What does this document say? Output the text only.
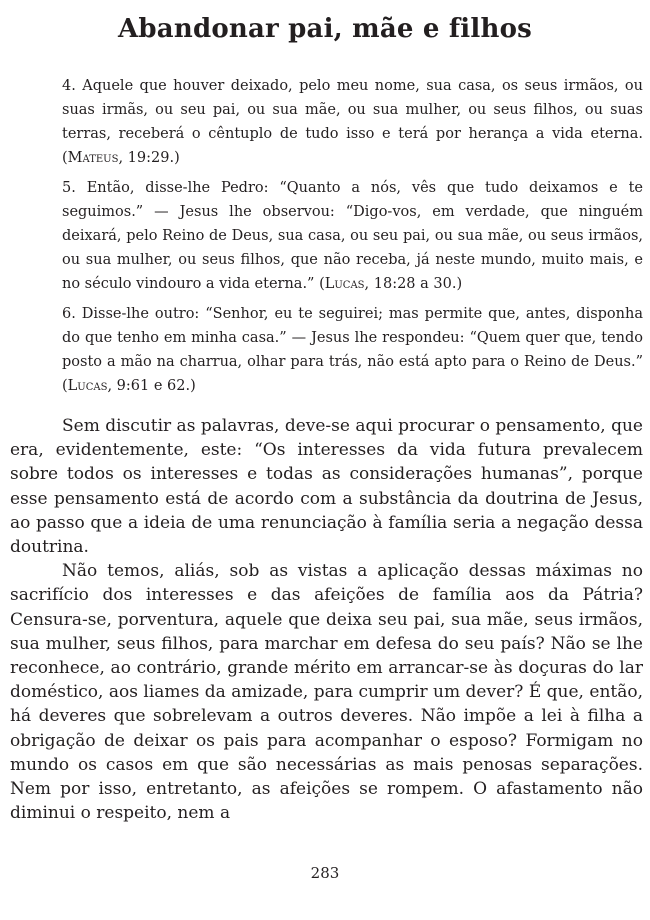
Abandonar pai, mãe e filhos

4. Aquele que houver deixado, pelo meu nome, sua casa, os seus irmãos, ou suas irmãs, ou seu pai, ou sua mãe, ou sua mulher, ou seus filhos, ou suas terras, receberá o cêntuplo de tudo isso e terá por herança a vida eterna. (Mateus, 19:29.)

5. Então, disse-lhe Pedro: “Quanto a nós, vês que tudo deixamos e te seguimos.” — Jesus lhe observou: “Digo-vos, em verdade, que ninguém deixará, pelo Reino de Deus, sua casa, ou seu pai, ou sua mãe, ou seus irmãos, ou sua mulher, ou seus filhos, que não receba, já neste mundo, muito mais, e no século vindouro a vida eterna.” (Lucas, 18:28 a 30.)

6. Disse-lhe outro: “Senhor, eu te seguirei; mas permite que, antes, disponha do que tenho em minha casa.” — Jesus lhe respondeu: “Quem quer que, tendo posto a mão na charrua, olhar para trás, não está apto para o Reino de Deus.” (Lucas, 9:61 e 62.)

Sem discutir as palavras, deve-se aqui procurar o pensamento, que era, evidentemente, este: “Os interesses da vida futura prevalecem sobre todos os interesses e todas as considerações humanas”, porque esse pensamento está de acordo com a substância da doutrina de Jesus, ao passo que a ideia de uma renunciação à família seria a negação dessa doutrina.

Não temos, aliás, sob as vistas a aplicação dessas máximas no sacrifício dos interesses e das afeições de família aos da Pátria? Censura-se, porventura, aquele que deixa seu pai, sua mãe, seus irmãos, sua mulher, seus filhos, para marchar em defesa do seu país? Não se lhe reconhece, ao contrário, grande mérito em arrancar-se às doçuras do lar doméstico, aos liames da amizade, para cumprir um dever? É que, então, há deveres que sobrelevam a outros deveres. Não impõe a lei à filha a obrigação de deixar os pais para acompanhar o esposo? Formigam no mundo os casos em que são necessárias as mais penosas separações. Nem por isso, entretanto, as afeições se rompem. O afastamento não diminui o respeito, nem a

283
